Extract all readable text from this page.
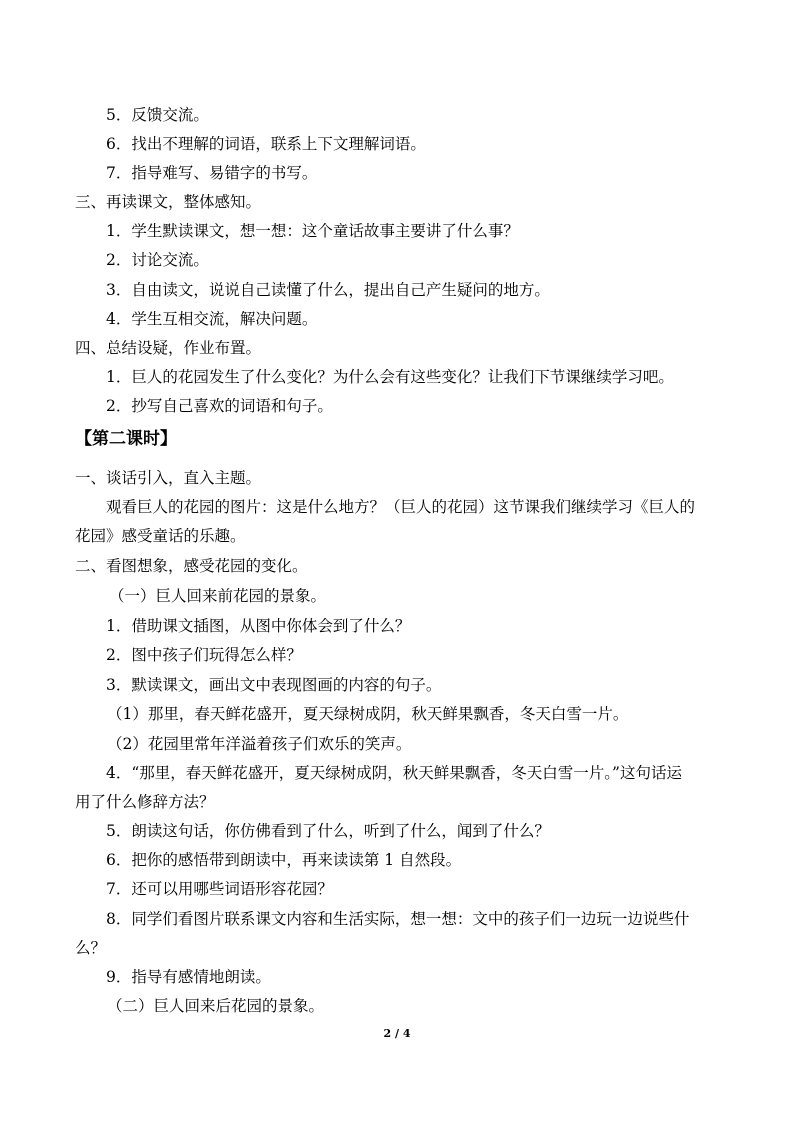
5．反馈交流。
6．找出不理解的词语，联系上下文理解词语。
7．指导难写、易错字的书写。
三、再读课文，整体感知。
1．学生默读课文，想一想：这个童话故事主要讲了什么事？
2．讨论交流。
3．自由读文，说说自己读懂了什么，提出自己产生疑问的地方。
4．学生互相交流，解决问题。
四、总结设疑，作业布置。
1．巨人的花园发生了什么变化？为什么会有这些变化？让我们下节课继续学习吧。
2．抄写自己喜欢的词语和句子。
【第二课时】
一、谈话引入，直入主题。
观看巨人的花园的图片：这是什么地方？（巨人的花园）这节课我们继续学习《巨人的
花园》感受童话的乐趣。
二、看图想象，感受花园的变化。
（一）巨人回来前花园的景象。
1．借助课文插图，从图中你体会到了什么？
2．图中孩子们玩得怎么样？
3．默读课文，画出文中表现图画的内容的句子。
（1）那里，春天鲜花盛开，夏天绿树成阴，秋天鲜果飘香，冬天白雪一片。
（2）花园里常年洋溢着孩子们欢乐的笑声。
4．“那里，春天鲜花盛开，夏天绿树成阴，秋天鲜果飘香，冬天白雪一片。”这句话运
用了什么修辞方法？
5．朗读这句话，你仿佛看到了什么，听到了什么，闻到了什么？
6．把你的感悟带到朗读中，再来读读第 1 自然段。
7．还可以用哪些词语形容花园？
8．同学们看图片联系课文内容和生活实际，想一想：文中的孩子们一边玩一边说些什
么？
9．指导有感情地朗读。
（二）巨人回来后花园的景象。
2 / 4
